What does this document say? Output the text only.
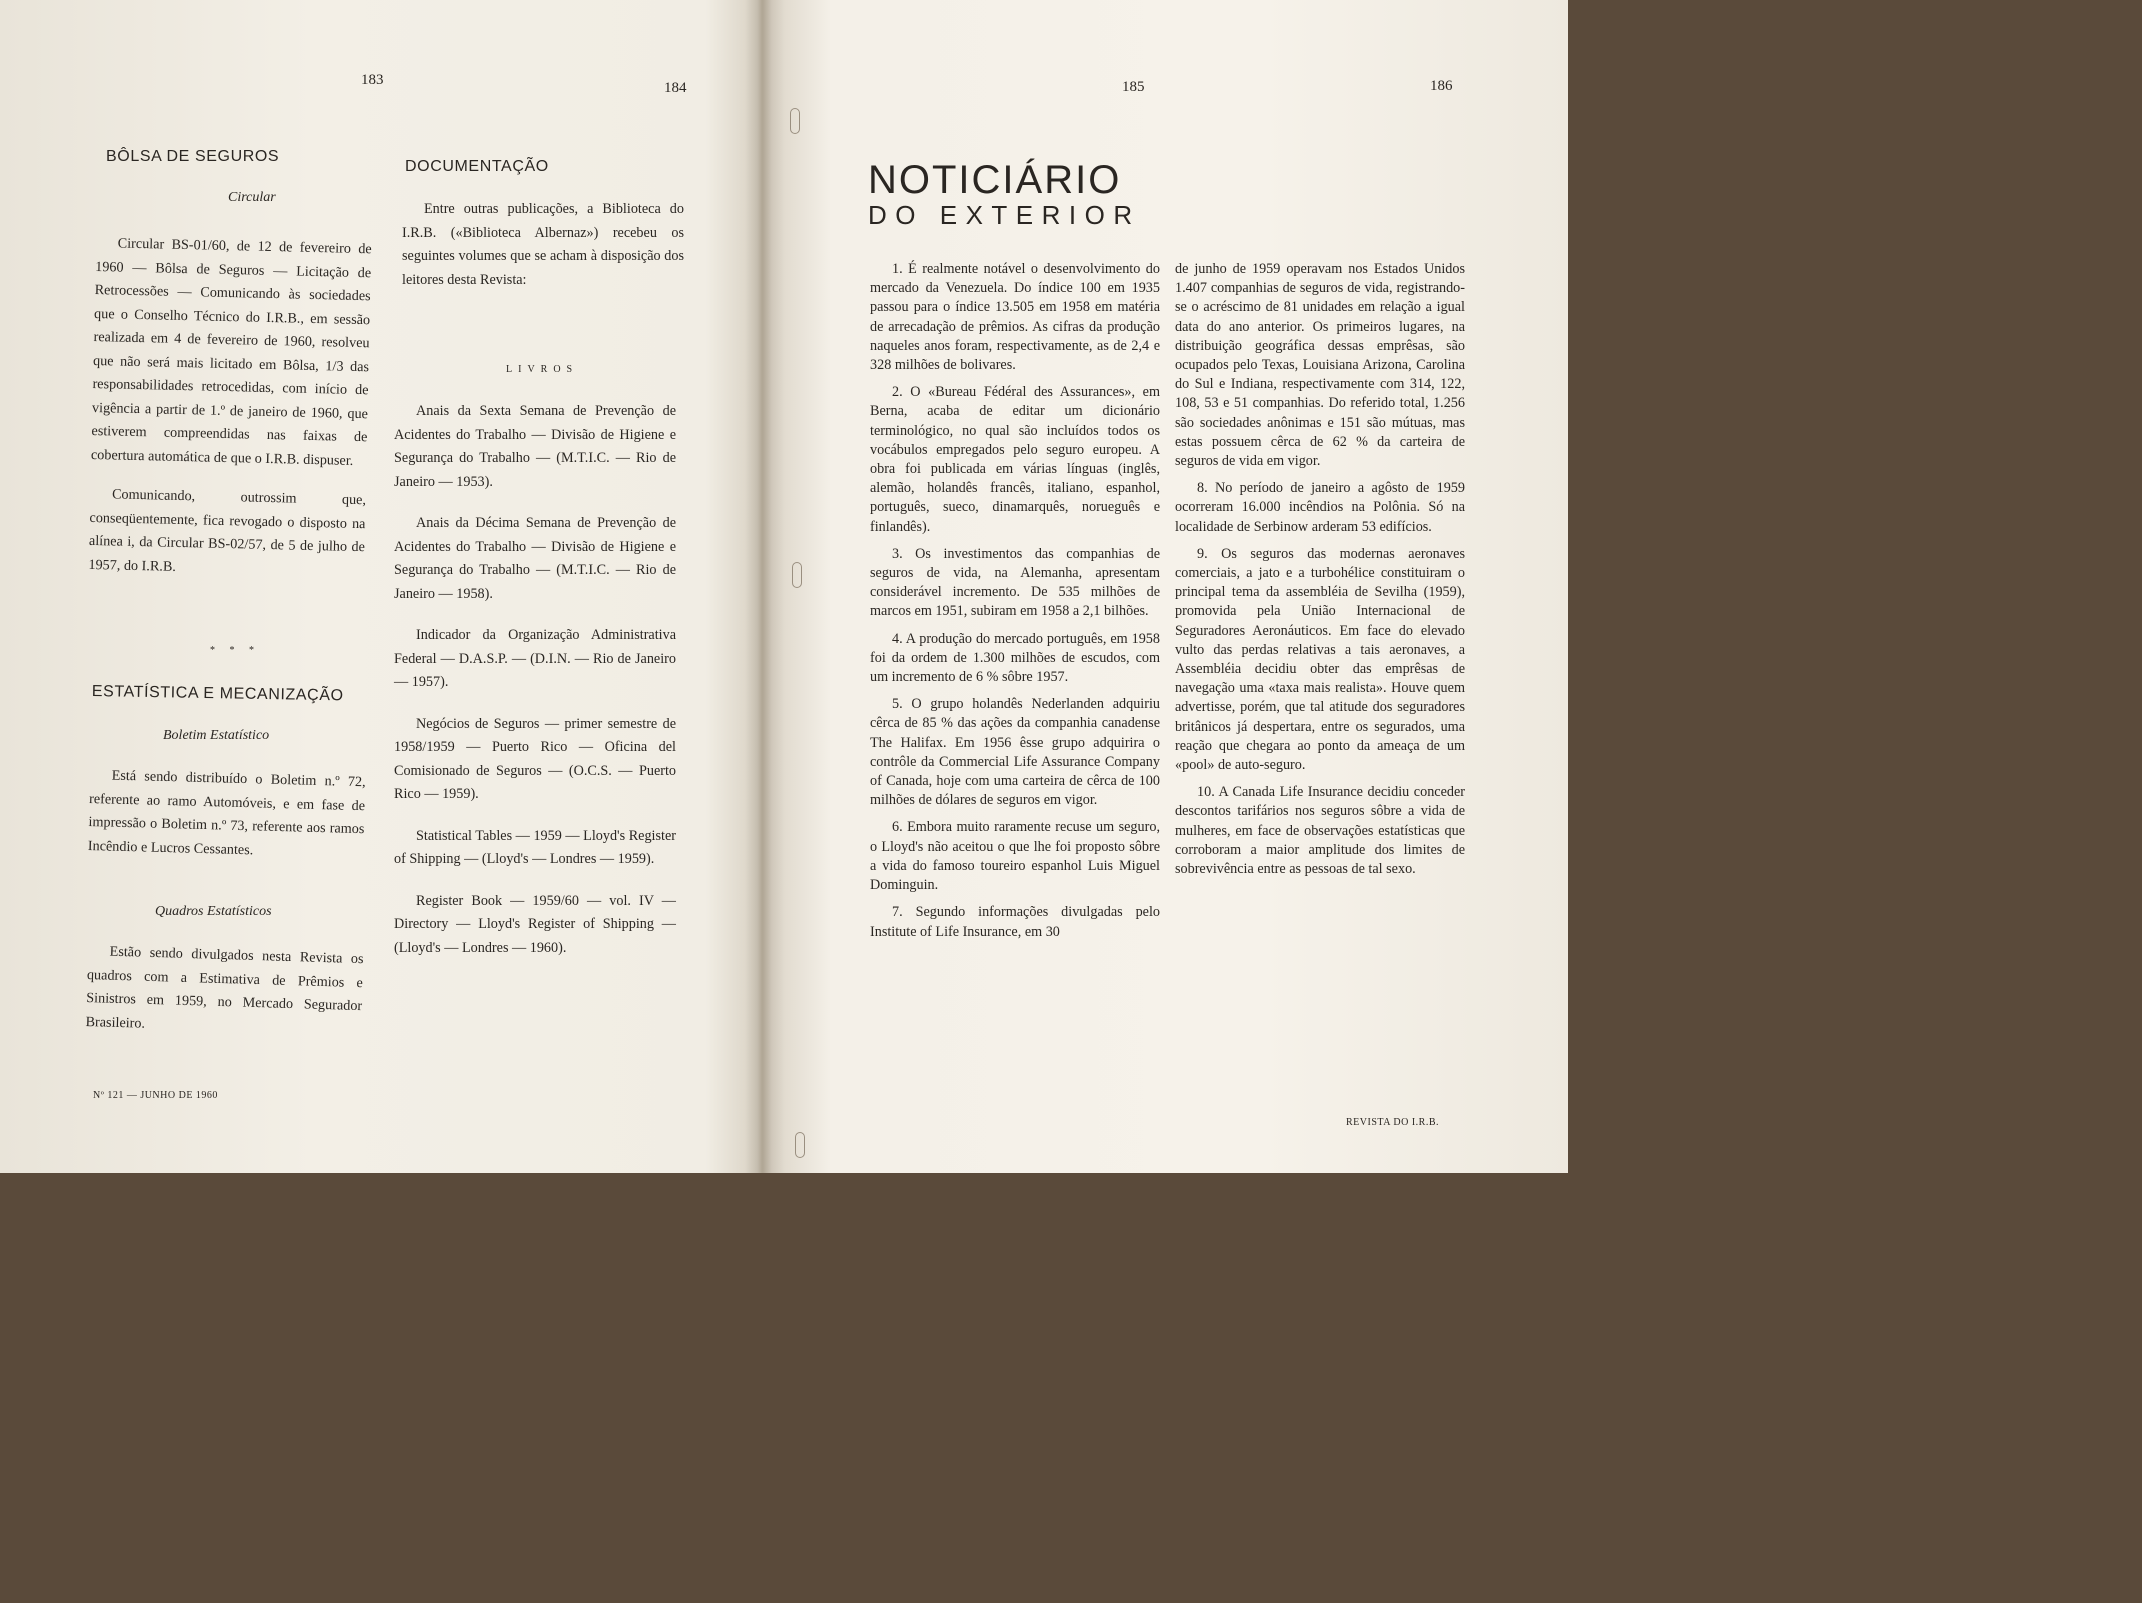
183	184	185	186
BÔLSA DE SEGUROS
Circular

Circular BS-01/60, de 12 de fevereiro de 1960 — Bôlsa de Seguros — Licitação de Retrocessões — Comunicando às sociedades que o Conselho Técnico do I.R.B., em sessão realizada em 4 de fevereiro de 1960, resolveu que não será mais licitado em Bôlsa, 1/3 das responsabilidades retrocedidas, com início de vigência a partir de 1.º de janeiro de 1960, que estiverem compreendidas nas faixas de cobertura automática de que o I.R.B. dispuser.

Comunicando, outrossim que, conseqüentemente, fica revogado o disposto na alínea i, da Circular BS-02/57, de 5 de julho de 1957, do I.R.B.

* * *
ESTATÍSTICA E MECANIZAÇÃO
Boletim Estatístico

Está sendo distribuído o Boletim n.º 72, referente ao ramo Automóveis, e em fase de impressão o Boletim n.º 73, referente aos ramos Incêndio e Lucros Cessantes.

Quadros Estatísticos

Estão sendo divulgados nesta Revista os quadros com a Estimativa de Prêmios e Sinistros em 1959, no Mercado Segurador Brasileiro.

Nº 121 — JUNHO DE 1960
DOCUMENTAÇÃO

Entre outras publicações, a Biblioteca do I.R.B. («Biblioteca Albernaz») recebeu os seguintes volumes que se acham à disposição dos leitores desta Revista:

LIVROS

Anais da Sexta Semana de Prevenção de Acidentes do Trabalho — Divisão de Higiene e Segurança do Trabalho — (M.T.I.C. — Rio de Janeiro — 1953).

Anais da Décima Semana de Prevenção de Acidentes do Trabalho — Divisão de Higiene e Segurança do Trabalho — (M.T.I.C. — Rio de Janeiro — 1958).

Indicador da Organização Administrativa Federal — D.A.S.P. — (D.I.N. — Rio de Janeiro — 1957).

Negócios de Seguros — primer semestre de 1958/1959 — Puerto Rico — Oficina del Comisionado de Seguros — (O.C.S. — Puerto Rico — 1959).

Statistical Tables — 1959 — Lloyd's Register of Shipping — (Lloyd's — Londres — 1959).

Register Book — 1959/60 — vol. IV — Directory — Lloyd's Register of Shipping — (Lloyd's — Londres — 1960).

NOTICIÁRIO
DO EXTERIOR

1. É realmente notável o desenvolvimento do mercado da Venezuela. Do índice 100 em 1935 passou para o índice 13.505 em 1958 em matéria de arrecadação de prêmios. As cifras da produção naqueles anos foram, respectivamente, as de 2,4 e 328 milhões de bolivares.

2. O «Bureau Fédéral des Assurances», em Berna, acaba de editar um dicionário terminológico, no qual são incluídos todos os vocábulos empregados pelo seguro europeu. A obra foi publicada em várias línguas (inglês, alemão, holandês francês, italiano, espanhol, português, sueco, dinamarquês, norueguês e finlandês).

3. Os investimentos das companhias de seguros de vida, na Alemanha, apresentam considerável incremento. De 535 milhões de marcos em 1951, subiram em 1958 a 2,1 bilhões.

4. A produção do mercado português, em 1958 foi da ordem de 1.300 milhões de escudos, com um incremento de 6 % sôbre 1957.

5. O grupo holandês Nederlanden adquiriu cêrca de 85 % das ações da companhia canadense The Halifax. Em 1956 êsse grupo adquirira o contrôle da Commercial Life Assurance Company of Canada, hoje com uma carteira de cêrca de 100 milhões de dólares de seguros em vigor.

6. Embora muito raramente recuse um seguro, o Lloyd's não aceitou o que lhe foi proposto sôbre a vida do famoso toureiro espanhol Luis Miguel Dominguin.

7. Segundo informações divulgadas pelo Institute of Life Insurance, em 30

de junho de 1959 operavam nos Estados Unidos 1.407 companhias de seguros de vida, registrando-se o acréscimo de 81 unidades em relação a igual data do ano anterior. Os primeiros lugares, na distribuição geográfica dessas emprêsas, são ocupados pelo Texas, Louisiana Arizona, Carolina do Sul e Indiana, respectivamente com 314, 122, 108, 53 e 51 companhias. Do referido total, 1.256 são sociedades anônimas e 151 são mútuas, mas estas possuem cêrca de 62 % da carteira de seguros de vida em vigor.

8. No período de janeiro a agôsto de 1959 ocorreram 16.000 incêndios na Polônia. Só na localidade de Serbinow arderam 53 edifícios.

9. Os seguros das modernas aeronaves comerciais, a jato e a turbohélice constituiram o principal tema da assembléia de Sevilha (1959), promovida pela União Internacional de Seguradores Aeronáuticos. Em face do elevado vulto das perdas relativas a tais aeronaves, a Assembléia decidiu obter das emprêsas de navegação uma «taxa mais realista». Houve quem advertisse, porém, que tal atitude dos seguradores britânicos já despertara, entre os segurados, uma reação que chegara ao ponto da ameaça de um «pool» de auto-seguro.

10. A Canada Life Insurance decidiu conceder descontos tarifários nos seguros sôbre a vida de mulheres, em face de observações estatísticas que corroboram a maior amplitude dos limites de sobrevivência entre as pessoas de tal sexo.

REVISTA DO I.R.B.
